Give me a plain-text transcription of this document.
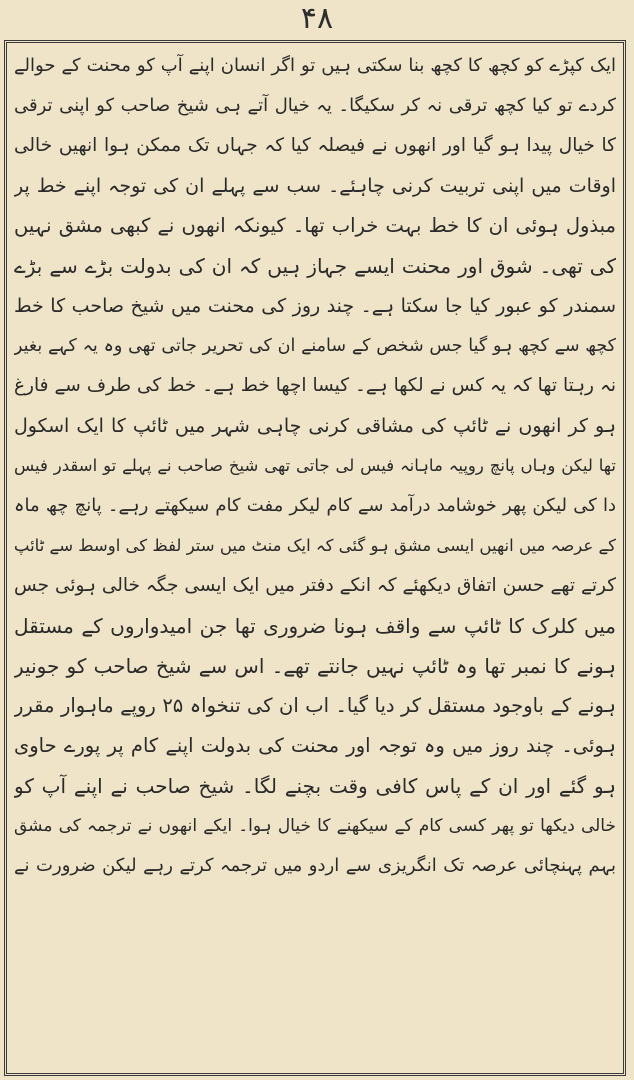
۴۸
ایک کپڑے کو کچھ کا کچھ بنا سکتی ہیں تو اگر انسان اپنے آپ کو محنت کے حوالے
کردے تو کیا کچھ ترقی نہ کر سکیگا۔ یہ خیال آتے ہی شیخ صاحب کو اپنی ترقی
کا خیال پیدا ہو گیا اور انھوں نے فیصلہ کیا کہ جہاں تک ممکن ہوا انھیں خالی
اوقات میں اپنی تربیت کرنی چاہئے۔ سب سے پہلے ان کی توجہ اپنے خط پر
مبذول ہوئی ان کا خط بہت خراب تھا۔ کیونکہ انھوں نے کبھی مشق نہیں
کی تھی۔ شوق اور محنت ایسے جہاز ہیں کہ ان کی بدولت بڑے سے بڑے
سمندر کو عبور کیا جا سکتا ہے۔ چند روز کی محنت میں شیخ صاحب کا خط
کچھ سے کچھ ہو گیا جس شخص کے سامنے ان کی تحریر جاتی تھی وہ یہ کہے بغیر
نہ رہتا تھا کہ یہ کس نے لکھا ہے۔ کیسا اچھا خط ہے۔ خط کی طرف سے فارغ
ہو کر انھوں نے ٹائپ کی مشاقی کرنی چاہی شہر میں ٹائپ کا ایک اسکول
تھا لیکن وہاں پانچ روپیہ ماہانہ فیس لی جاتی تھی شیخ صاحب نے پہلے تو اسقدر فیس
دا کی لیکن پھر خوشامد درآمد سے کام لیکر مفت کام سیکھتے رہے۔ پانچ چھ ماہ
کے عرصہ میں انھیں ایسی مشق ہو گئی کہ ایک منٹ میں ستر لفظ کی اوسط سے ٹائپ
کرتے تھے حسن اتفاق دیکھئے کہ انکے دفتر میں ایک ایسی جگہ خالی ہوئی جس
میں کلرک کا ٹائپ سے واقف ہونا ضروری تھا جن امیدواروں کے مستقل
ہونے کا نمبر تھا وہ ٹائپ نہیں جانتے تھے۔ اس سے شیخ صاحب کو جونیر
ہونے کے باوجود مستقل کر دیا گیا۔ اب ان کی تنخواہ ۲۵ روپے ماہوار مقرر
ہوئی۔ چند روز میں وہ توجہ اور محنت کی بدولت اپنے کام پر پورے حاوی
ہو گئے اور ان کے پاس کافی وقت بچنے لگا۔ شیخ صاحب نے اپنے آپ کو
خالی دیکھا تو پھر کسی کام کے سیکھنے کا خیال ہوا۔ ایکے انھوں نے ترجمہ کی مشق
بہم پہنچائی عرصہ تک انگریزی سے اردو میں ترجمہ کرتے رہے لیکن ضرورت نے
